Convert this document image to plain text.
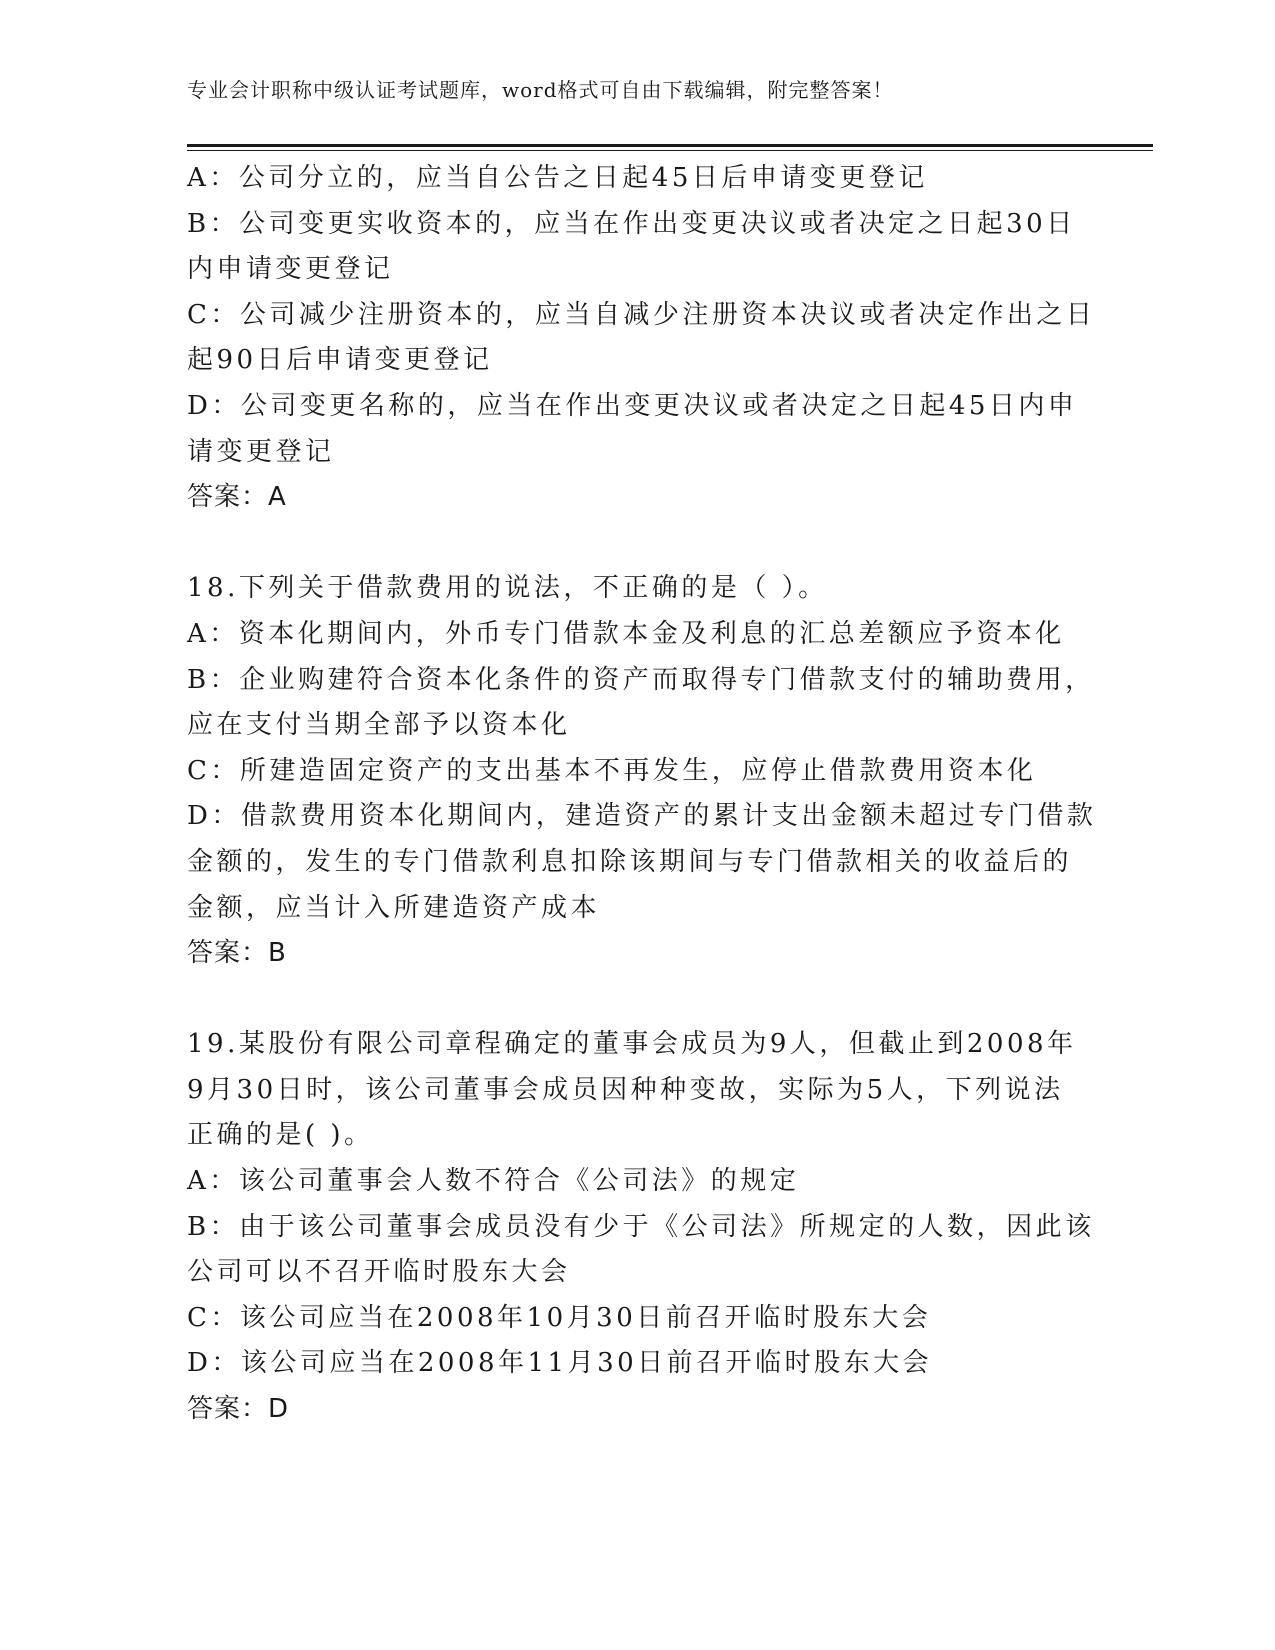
专业会计职称中级认证考试题库，word格式可自由下载编辑，附完整答案！
A：公司分立的，应当自公告之日起45日后申请变更登记
B：公司变更实收资本的，应当在作出变更决议或者决定之日起30日
内申请变更登记
C：公司减少注册资本的，应当自减少注册资本决议或者决定作出之日
起90日后申请变更登记
D：公司变更名称的，应当在作出变更决议或者决定之日起45日内申
请变更登记
答案：A
18.下列关于借款费用的说法，不正确的是（ ）。
A：资本化期间内，外币专门借款本金及利息的汇总差额应予资本化
B：企业购建符合资本化条件的资产而取得专门借款支付的辅助费用，
应在支付当期全部予以资本化
C：所建造固定资产的支出基本不再发生，应停止借款费用资本化
D：借款费用资本化期间内，建造资产的累计支出金额未超过专门借款
金额的，发生的专门借款利息扣除该期间与专门借款相关的收益后的
金额，应当计入所建造资产成本
答案：B
19.某股份有限公司章程确定的董事会成员为9人，但截止到2008年
9月30日时，该公司董事会成员因种种变故，实际为5人，下列说法
正确的是( )。
A：该公司董事会人数不符合《公司法》的规定
B：由于该公司董事会成员没有少于《公司法》所规定的人数，因此该
公司可以不召开临时股东大会
C：该公司应当在2008年10月30日前召开临时股东大会
D：该公司应当在2008年11月30日前召开临时股东大会
答案：D
